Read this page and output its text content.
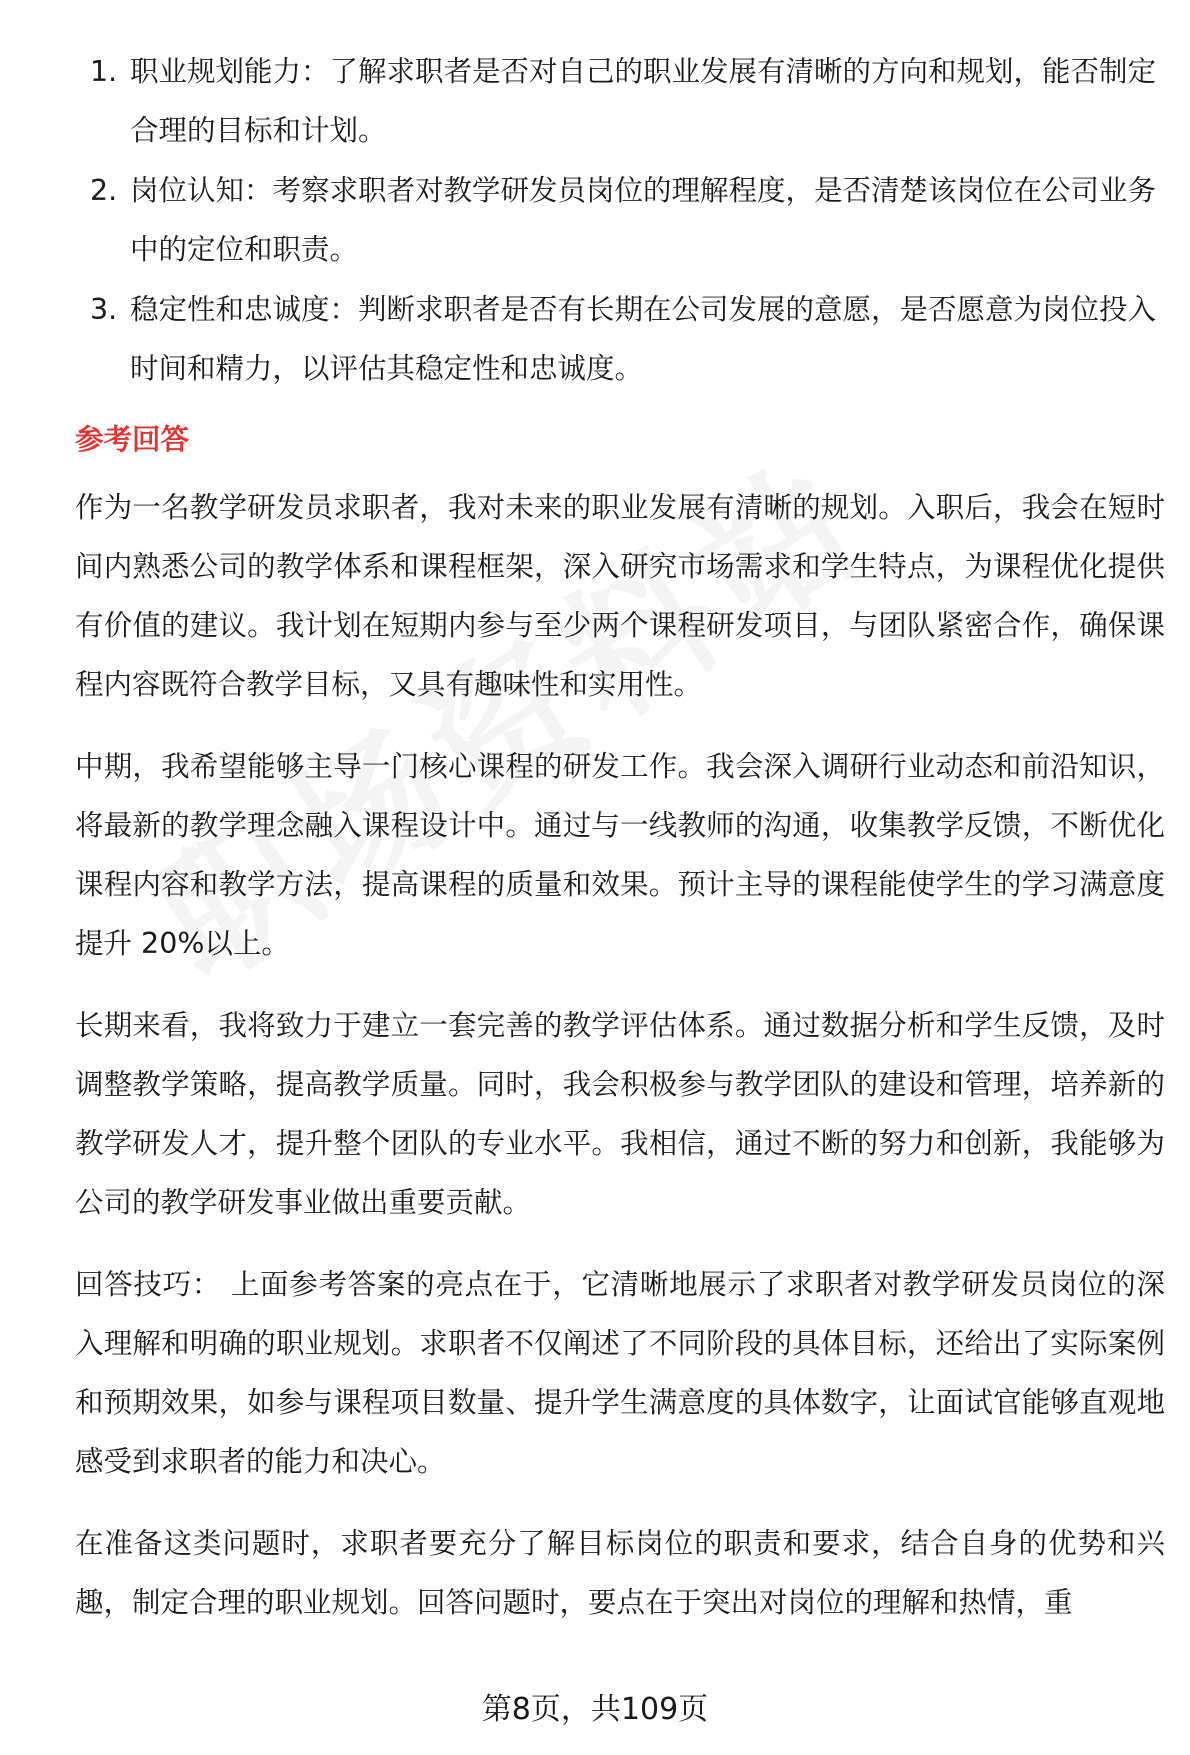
1. 职业规划能力：了解求职者是否对自己的职业发展有清晰的方向和规划，能否制定合理的目标和计划。
2. 岗位认知：考察求职者对教学研发员岗位的理解程度，是否清楚该岗位在公司业务中的定位和职责。
3. 稳定性和忠诚度：判断求职者是否有长期在公司发展的意愿，是否愿意为岗位投入时间和精力，以评估其稳定性和忠诚度。
参考回答

作为一名教学研发员求职者，我对未来的职业发展有清晰的规划。入职后，我会在短时间内熟悉公司的教学体系和课程框架，深入研究市场需求和学生特点，为课程优化提供有价值的建议。我计划在短期内参与至少两个课程研发项目，与团队紧密合作，确保课程内容既符合教学目标，又具有趣味性和实用性。

中期，我希望能够主导一门核心课程的研发工作。我会深入调研行业动态和前沿知识，将最新的教学理念融入课程设计中。通过与一线教师的沟通，收集教学反馈，不断优化课程内容和教学方法，提高课程的质量和效果。预计主导的课程能使学生的学习满意度提升 20%以上。

长期来看，我将致力于建立一套完善的教学评估体系。通过数据分析和学生反馈，及时调整教学策略，提高教学质量。同时，我会积极参与教学团队的建设和管理，培养新的教学研发人才，提升整个团队的专业水平。我相信，通过不断的努力和创新，我能够为公司的教学研发事业做出重要贡献。

回答技巧： 上面参考答案的亮点在于，它清晰地展示了求职者对教学研发员岗位的深入理解和明确的职业规划。求职者不仅阐述了不同阶段的具体目标，还给出了实际案例和预期效果，如参与课程项目数量、提升学生满意度的具体数字，让面试官能够直观地感受到求职者的能力和决心。

在准备这类问题时，求职者要充分了解目标岗位的职责和要求，结合自身的优势和兴趣，制定合理的职业规划。回答问题时，要点在于突出对岗位的理解和热情，重

第8页，共109页
